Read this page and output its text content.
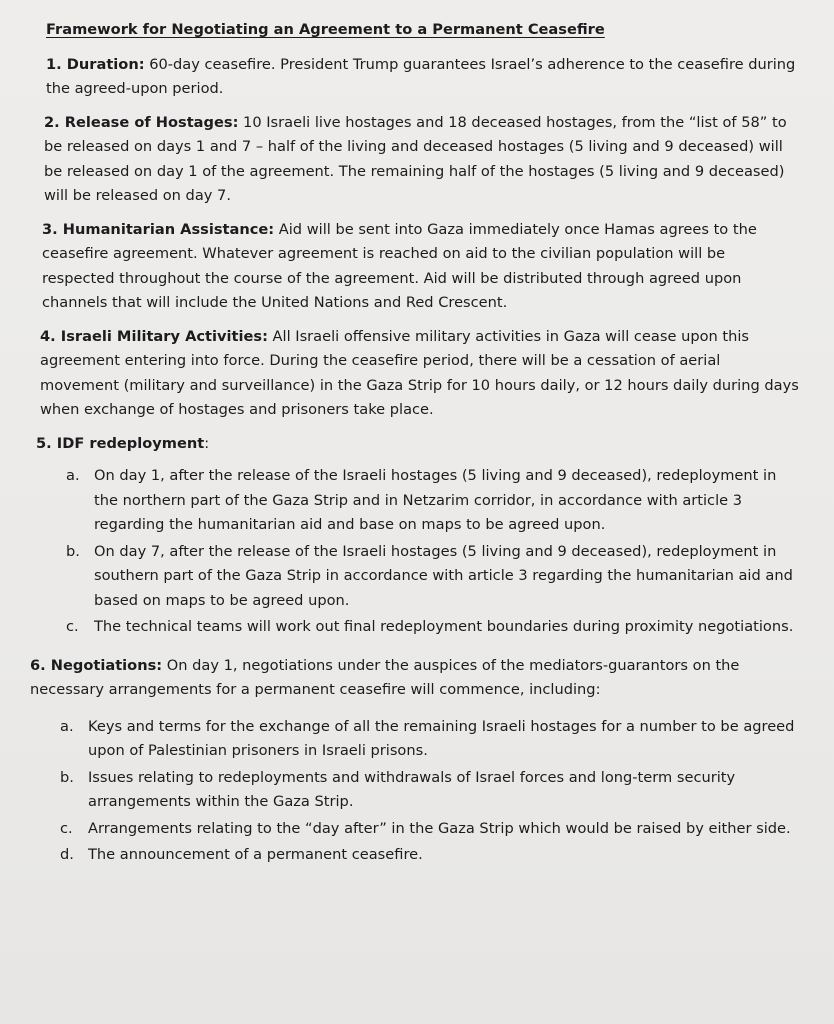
Framework for Negotiating an Agreement to a Permanent Ceasefire
1. Duration: 60-day ceasefire. President Trump guarantees Israel’s adherence to the ceasefire during the agreed-upon period.
2. Release of Hostages: 10 Israeli live hostages and 18 deceased hostages, from the “list of 58” to be released on days 1 and 7 – half of the living and deceased hostages (5 living and 9 deceased) will be released on day 1 of the agreement. The remaining half of the hostages (5 living and 9 deceased) will be released on day 7.
3. Humanitarian Assistance: Aid will be sent into Gaza immediately once Hamas agrees to the ceasefire agreement. Whatever agreement is reached on aid to the civilian population will be respected throughout the course of the agreement. Aid will be distributed through agreed upon channels that will include the United Nations and Red Crescent.
4. Israeli Military Activities: All Israeli offensive military activities in Gaza will cease upon this agreement entering into force. During the ceasefire period, there will be a cessation of aerial movement (military and surveillance) in the Gaza Strip for 10 hours daily, or 12 hours daily during days when exchange of hostages and prisoners take place.
5. IDF redeployment:
a. On day 1, after the release of the Israeli hostages (5 living and 9 deceased), redeployment in the northern part of the Gaza Strip and in Netzarim corridor, in accordance with article 3 regarding the humanitarian aid and base on maps to be agreed upon.
b. On day 7, after the release of the Israeli hostages (5 living and 9 deceased), redeployment in southern part of the Gaza Strip in accordance with article 3 regarding the humanitarian aid and based on maps to be agreed upon.
c.	The technical teams will work out final redeployment boundaries during proximity negotiations.
6. Negotiations: On day 1, negotiations under the auspices of the mediators-guarantors on the necessary arrangements for a permanent ceasefire will commence, including:
a. Keys and terms for the exchange of all the remaining Israeli hostages for a number to be agreed upon of Palestinian prisoners in Israeli prisons.
b. Issues relating to redeployments and withdrawals of Israel forces and long-term security arrangements within the Gaza Strip.
c.	Arrangements relating to the “day after” in the Gaza Strip which would be raised by either side.
d. The announcement of a permanent ceasefire.
